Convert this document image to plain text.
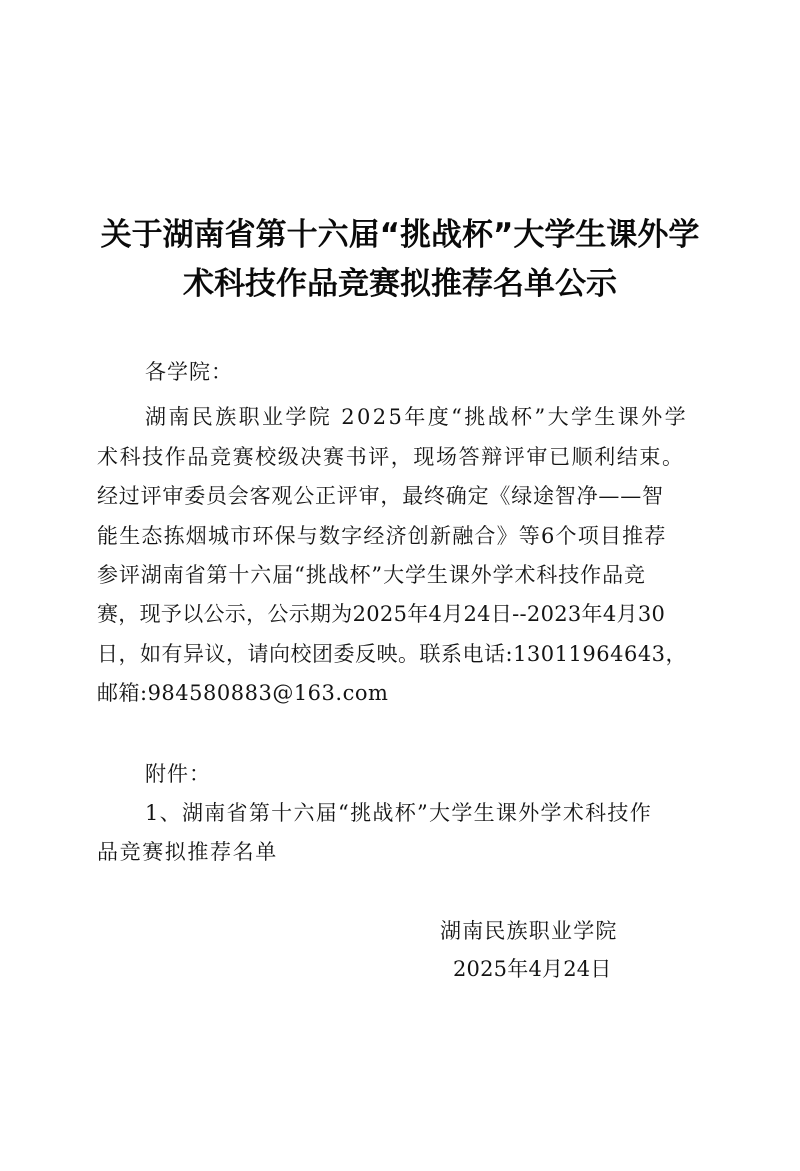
关于湖南省第十六届“挑战杯”大学生课外学
术科技作品竞赛拟推荐名单公示
各学院：
湖南民族职业学院 2025年度“挑战杯”大学生课外学
术科技作品竞赛校级决赛书评，现场答辩评审已顺利结束。
经过评审委员会客观公正评审，最终确定《绿途智净——智
能生态拣烟城市环保与数字经济创新融合》等6个项目推荐
参评湖南省第十六届“挑战杯”大学生课外学术科技作品竞
赛，现予以公示，公示期为2025年4月24日--2023年4月30
日，如有异议，请向校团委反映。联系电话:13011964643，
邮箱:984580883@163.com
附件：
1、湖南省第十六届“挑战杯”大学生课外学术科技作
品竞赛拟推荐名单
湖南民族职业学院
2025年4月24日
